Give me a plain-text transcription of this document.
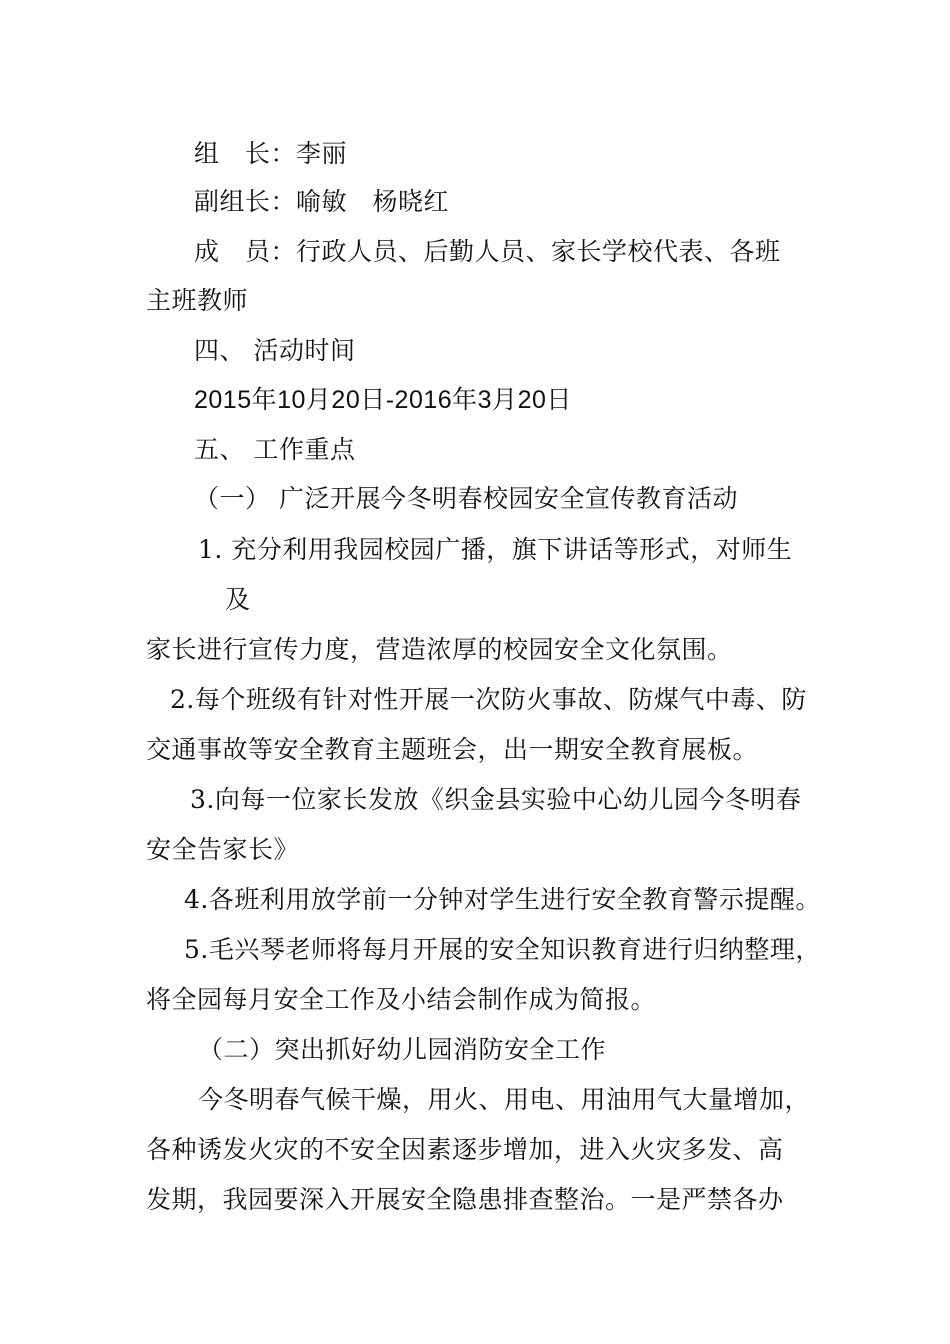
组　长：李丽
副组长：喻敏　杨晓红
成　员：行政人员、后勤人员、家长学校代表、各班
主班教师
四、 活动时间
2015年10月20日-2016年3月20日
五、 工作重点
（一） 广泛开展今冬明春校园安全宣传教育活动
1. 充分利用我园校园广播，旗下讲话等形式，对师生
及
家长进行宣传力度，营造浓厚的校园安全文化氛围。
2.每个班级有针对性开展一次防火事故、防煤气中毒、防
交通事故等安全教育主题班会，出一期安全教育展板。
3.向每一位家长发放《织金县实验中心幼儿园今冬明春
安全告家长》
4.各班利用放学前一分钟对学生进行安全教育警示提醒。
5.毛兴琴老师将每月开展的安全知识教育进行归纳整理，
将全园每月安全工作及小结会制作成为简报。
（二）突出抓好幼儿园消防安全工作
今冬明春气候干燥，用火、用电、用油用气大量增加，
各种诱发火灾的不安全因素逐步增加，进入火灾多发、高
发期，我园要深入开展安全隐患排查整治。一是严禁各办
